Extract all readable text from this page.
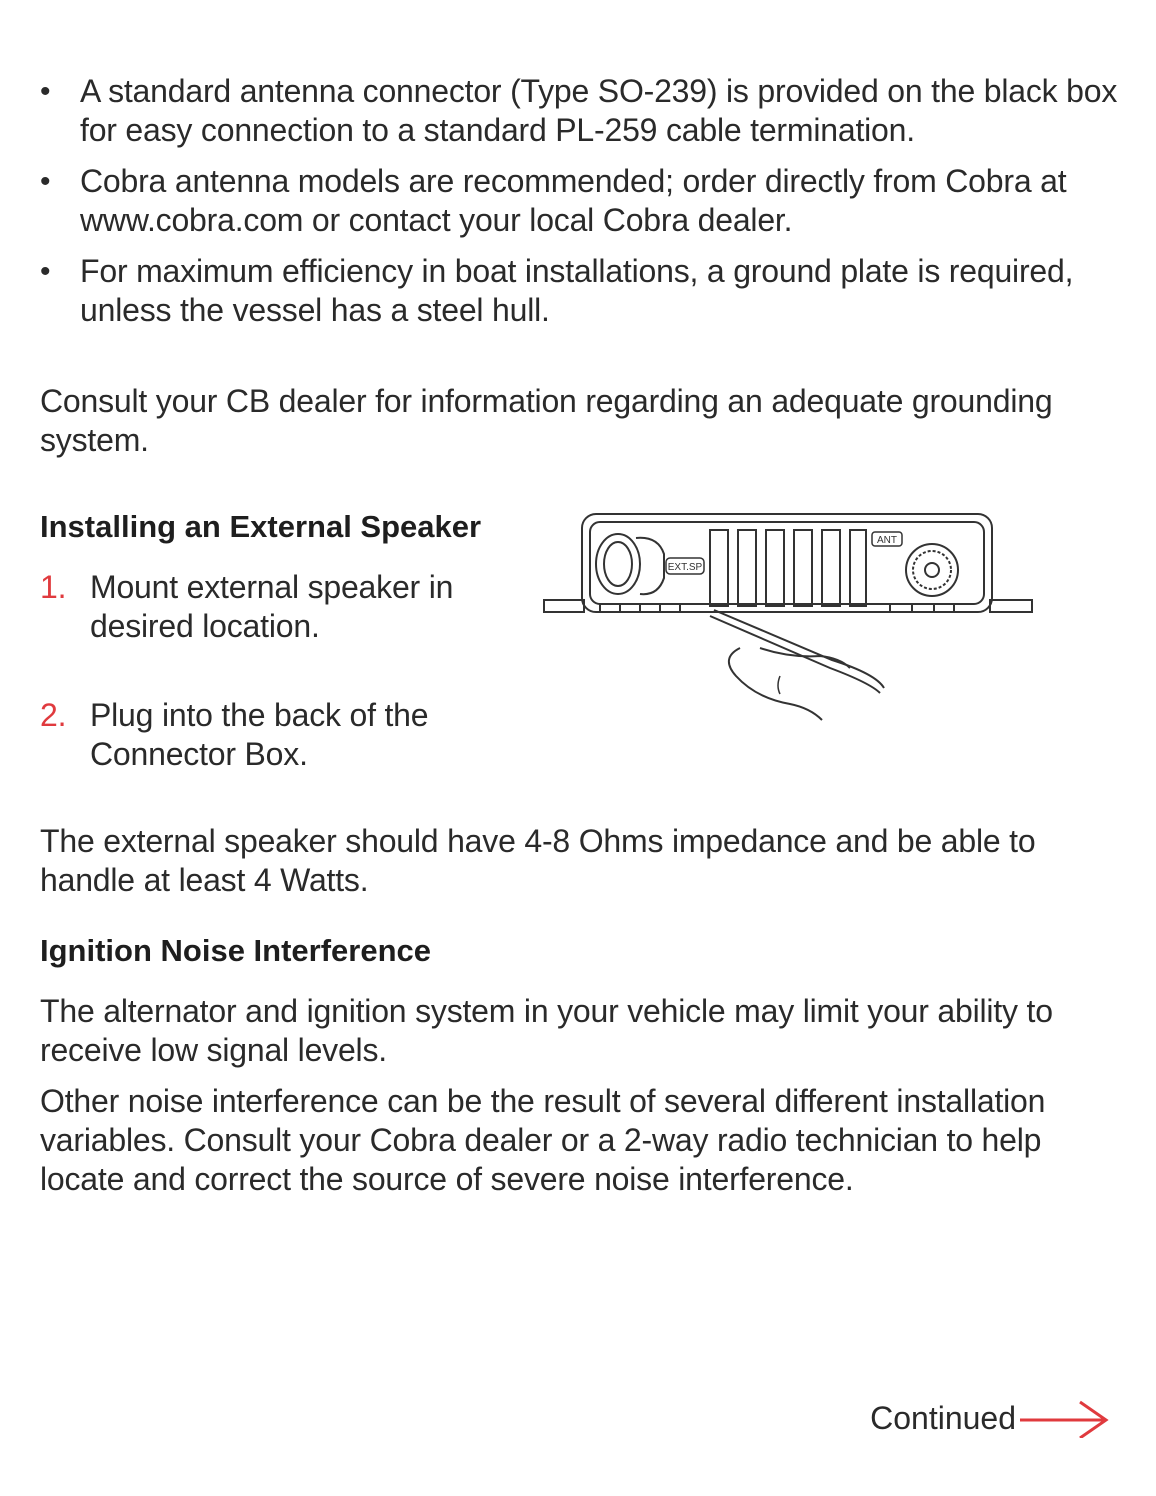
• A standard antenna connector (Type SO-239) is provided on the black box for easy connection to a standard PL-259 cable termination.
• Cobra antenna models are recommended; order directly from Cobra at www.cobra.com or contact your local Cobra dealer.
• For maximum efficiency in boat installations, a ground plate is required, unless the vessel has a steel hull.

Consult your CB dealer for information regarding an adequate grounding system.

Installing an External Speaker
1. Mount external speaker in desired location.
2. Plug into the back of the Connector Box.
EXT.SP
ANT

The external speaker should have 4-8 Ohms impedance and be able to handle at least 4 Watts.

Ignition Noise Interference

The alternator and ignition system in your vehicle may limit your ability to receive low signal levels.

Other noise interference can be the result of several different installation variables. Consult your Cobra dealer or a 2-way radio technician to help locate and correct the source of severe noise interference.

Continued
